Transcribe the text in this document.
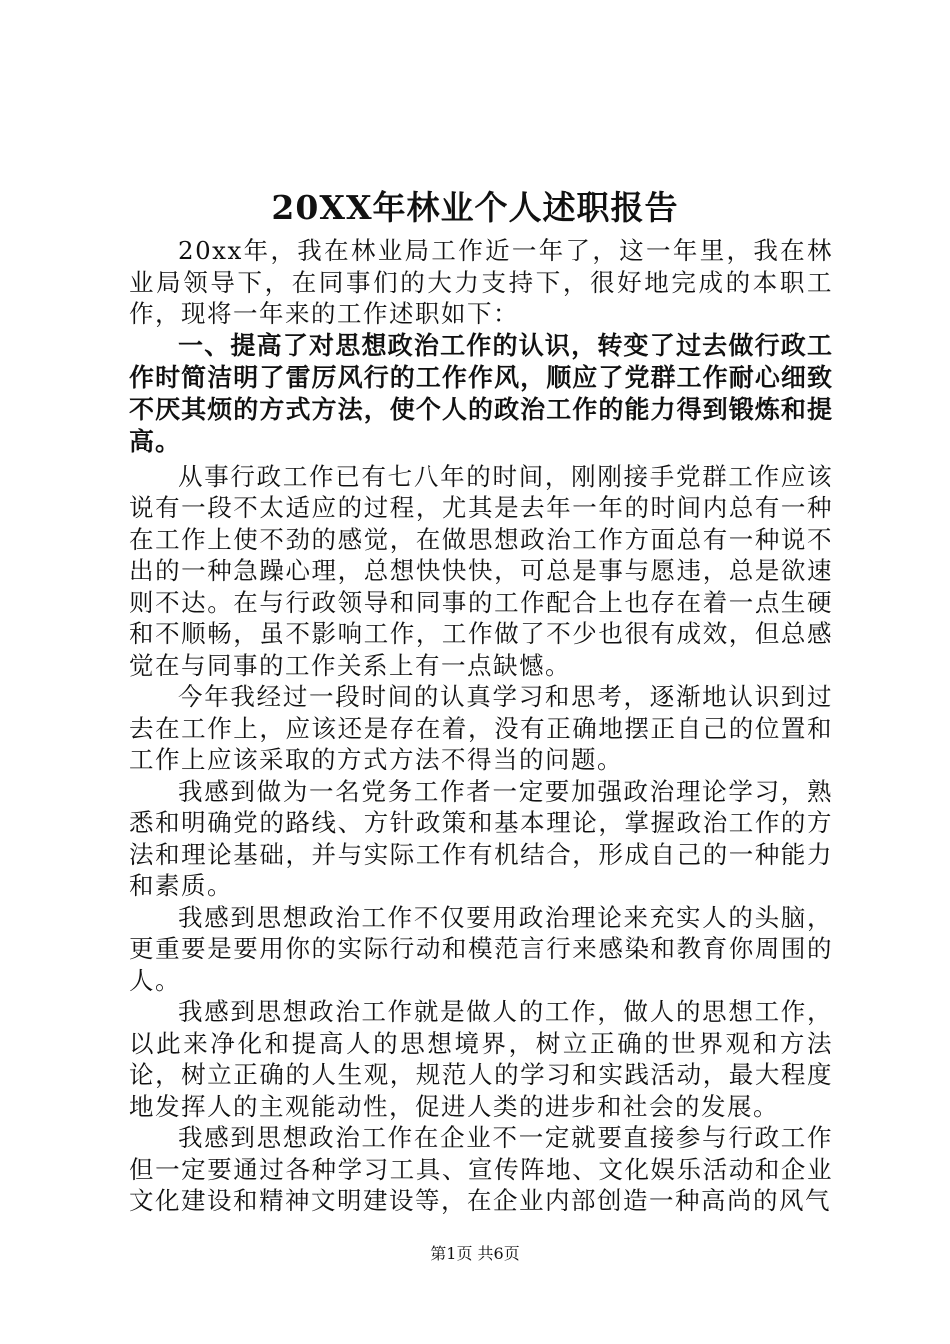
20XX年林业个人述职报告

20xx年，我在林业局工作近一年了，这一年里，我在林业局领导下，在同事们的大力支持下，很好地完成的本职工作，现将一年来的工作述职如下：

一、提高了对思想政治工作的认识，转变了过去做行政工作时简洁明了雷厉风行的工作作风，顺应了党群工作耐心细致不厌其烦的方式方法，使个人的政治工作的能力得到锻炼和提高。

从事行政工作已有七八年的时间，刚刚接手党群工作应该说有一段不太适应的过程，尤其是去年一年的时间内总有一种在工作上使不劲的感觉，在做思想政治工作方面总有一种说不出的一种急躁心理，总想快快快，可总是事与愿违，总是欲速则不达。在与行政领导和同事的工作配合上也存在着一点生硬和不顺畅，虽不影响工作，工作做了不少也很有成效，但总感觉在与同事的工作关系上有一点缺憾。

今年我经过一段时间的认真学习和思考，逐渐地认识到过去在工作上，应该还是存在着，没有正确地摆正自己的位置和工作上应该采取的方式方法不得当的问题。

我感到做为一名党务工作者一定要加强政治理论学习，熟悉和明确党的路线、方针政策和基本理论，掌握政治工作的方法和理论基础，并与实际工作有机结合，形成自己的一种能力和素质。

我感到思想政治工作不仅要用政治理论来充实人的头脑，更重要是要用你的实际行动和模范言行来感染和教育你周围的人。

我感到思想政治工作就是做人的工作，做人的思想工作，以此来净化和提高人的思想境界，树立正确的世界观和方法论，树立正确的人生观，规范人的学习和实践活动，最大程度地发挥人的主观能动性，促进人类的进步和社会的发展。

我感到思想政治工作在企业不一定就要直接参与行政工作但一定要通过各种学习工具、宣传阵地、文化娱乐活动和企业文化建设和精神文明建设等，在企业内部创造一种高尚的风气

第1页 共6页
